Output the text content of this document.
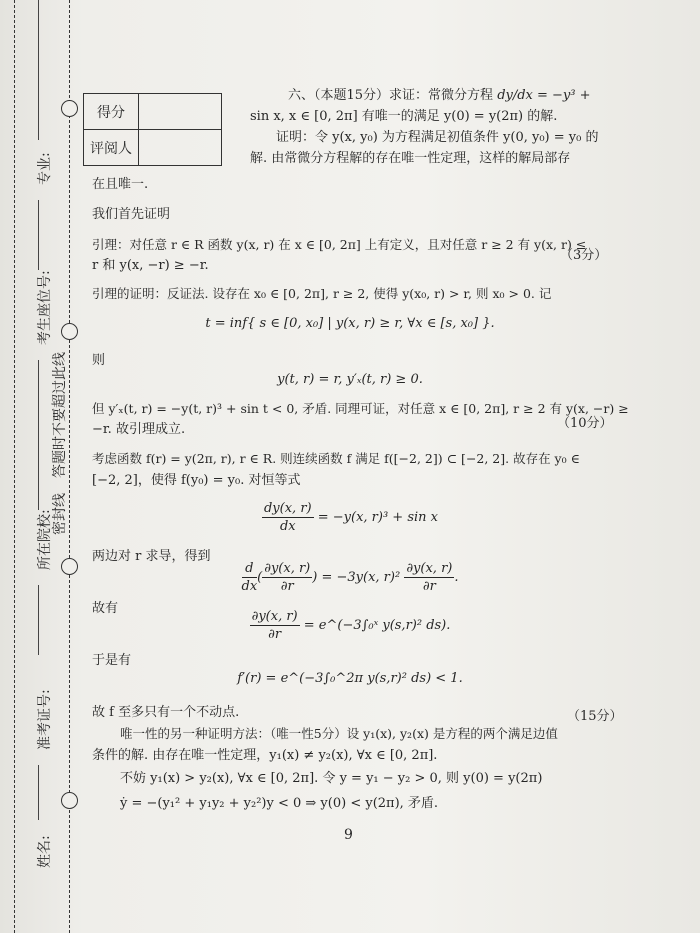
专业:
考生座位号:
所在院校:
准考证号:
姓名:
密封线
答题时不要超过此线
得分	
评阅人	
六、（本题15分）求证：常微分方程 dy/dx = −y³ +
sin x, x ∈ [0, 2π] 有唯一的满足 y(0) = y(2π) 的解.
证明：令 y(x, y₀) 为方程满足初值条件 y(0, y₀) = y₀ 的
解. 由常微分方程解的存在唯一性定理，这样的解局部存
在且唯一.
我们首先证明
引理：对任意 r ∈ R 函数 y(x, r) 在 x ∈ [0, 2π] 上有定义，且对任意 r ≥ 2 有 y(x, r) ≤
r 和 y(x, −r) ≥ −r.
（3分）
引理的证明：反证法. 设存在 x₀ ∈ [0, 2π], r ≥ 2, 使得 y(x₀, r) > r, 则 x₀ > 0. 记
t = inf{ s ∈ [0, x₀] | y(x, r) ≥ r, ∀x ∈ [s, x₀] }.
则
y(t, r) = r, y′ₓ(t, r) ≥ 0.
但 y′ₓ(t, r) = −y(t, r)³ + sin t < 0, 矛盾. 同理可证，对任意 x ∈ [0, 2π], r ≥ 2 有 y(x, −r) ≥
−r. 故引理成立.	（10分）
考虑函数 f(r) = y(2π, r), r ∈ R. 则连续函数 f 满足 f([−2, 2]) ⊂ [−2, 2]. 故存在 y₀ ∈
[−2, 2]，使得 f(y₀) = y₀. 对恒等式
$\frac{dy(x, r)}{dx} = -y(x$, r)³ + sin x
两边对 r 求导，得到
$\frac{d}{dx}$ ( $\frac{\partial y(x, r)}{\partial r}$ ) = −3y(x, $r)^2 \frac{\partial y(x, r)}{\partial r}$ .
故有	$\frac{\partial y(x, r)}{\partial r}$ = e^(−3∫₀ˣ y(s,r)² ds).
于是有
f′(r) = e^(−3∫₀^2π y(s,r)² ds) < 1.
故 f 至多只有一个不动点.	（15分）
唯一性的另一种证明方法：（唯一性5分）设 y₁(x), y₂(x) 是方程的两个满足边值
条件的解. 由存在唯一性定理，y₁(x) ≠ y₂(x), ∀x ∈ [0, 2π].
不妨 y₁(x) > y₂(x), ∀x ∈ [0, 2π]. 令 y = y₁ − y₂ > 0, 则 y(0) = y(2π)
ẏ = −(y₁² + y₁y₂ + y₂²)y < 0 ⇒ y(0) < y(2π), 矛盾.
9
